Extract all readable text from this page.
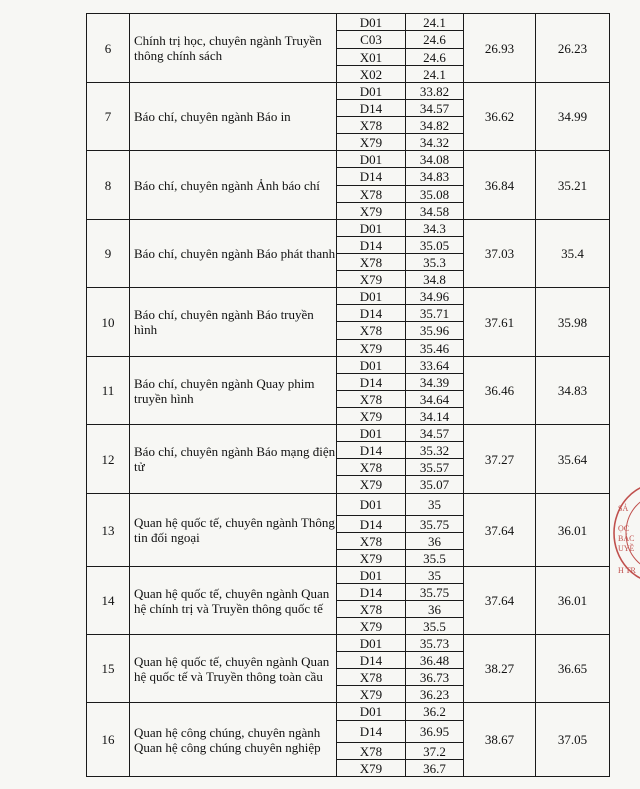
6	Chính trị học, chuyên ngành Truyền thông chính sách	D01	24.1	26.93	26.23
		C03	24.6		
		X01	24.6		
		X02	24.1		
7	Báo chí, chuyên ngành Báo in	D01	33.82	36.62	34.99
		D14	34.57		
		X78	34.82		
		X79	34.32		
8	Báo chí, chuyên ngành Ảnh báo chí	D01	34.08	36.84	35.21
		D14	34.83		
		X78	35.08		
		X79	34.58		
9	Báo chí, chuyên ngành Báo phát thanh	D01	34.3	37.03	35.4
		D14	35.05		
		X78	35.3		
		X79	34.8		
10	Báo chí, chuyên ngành Báo truyền hình	D01	34.96	37.61	35.98
		D14	35.71		
		X78	35.96		
		X79	35.46		
11	Báo chí, chuyên ngành Quay phim truyền hình	D01	33.64	36.46	34.83
		D14	34.39		
		X78	34.64		
		X79	34.14		
12	Báo chí, chuyên ngành Báo mạng điện tử	D01	34.57	37.27	35.64
		D14	35.32		
		X78	35.57		
		X79	35.07		
13	Quan hệ quốc tế, chuyên ngành Thông tin đối ngoại	D01	35	37.64	36.01
		D14	35.75		
		X78	36		
		X79	35.5		
14	Quan hệ quốc tế, chuyên ngành Quan hệ chính trị và Truyền thông quốc tế	D01	35	37.64	36.01
		D14	35.75		
		X78	36		
		X79	35.5		
15	Quan hệ quốc tế, chuyên ngành Quan hệ quốc tế và Truyền thông toàn cầu	D01	35.73	38.27	36.65
		D14	36.48		
		X78	36.73		
		X79	36.23		
16	Quan hệ công chúng, chuyên ngành Quan hệ công chúng chuyên nghiệp	D01	36.2	38.67	37.05
		D14	36.95		
		X78	37.2		
		X79	36.7		
SẢ
ỌC
BÁC
UYỀ
H TR
